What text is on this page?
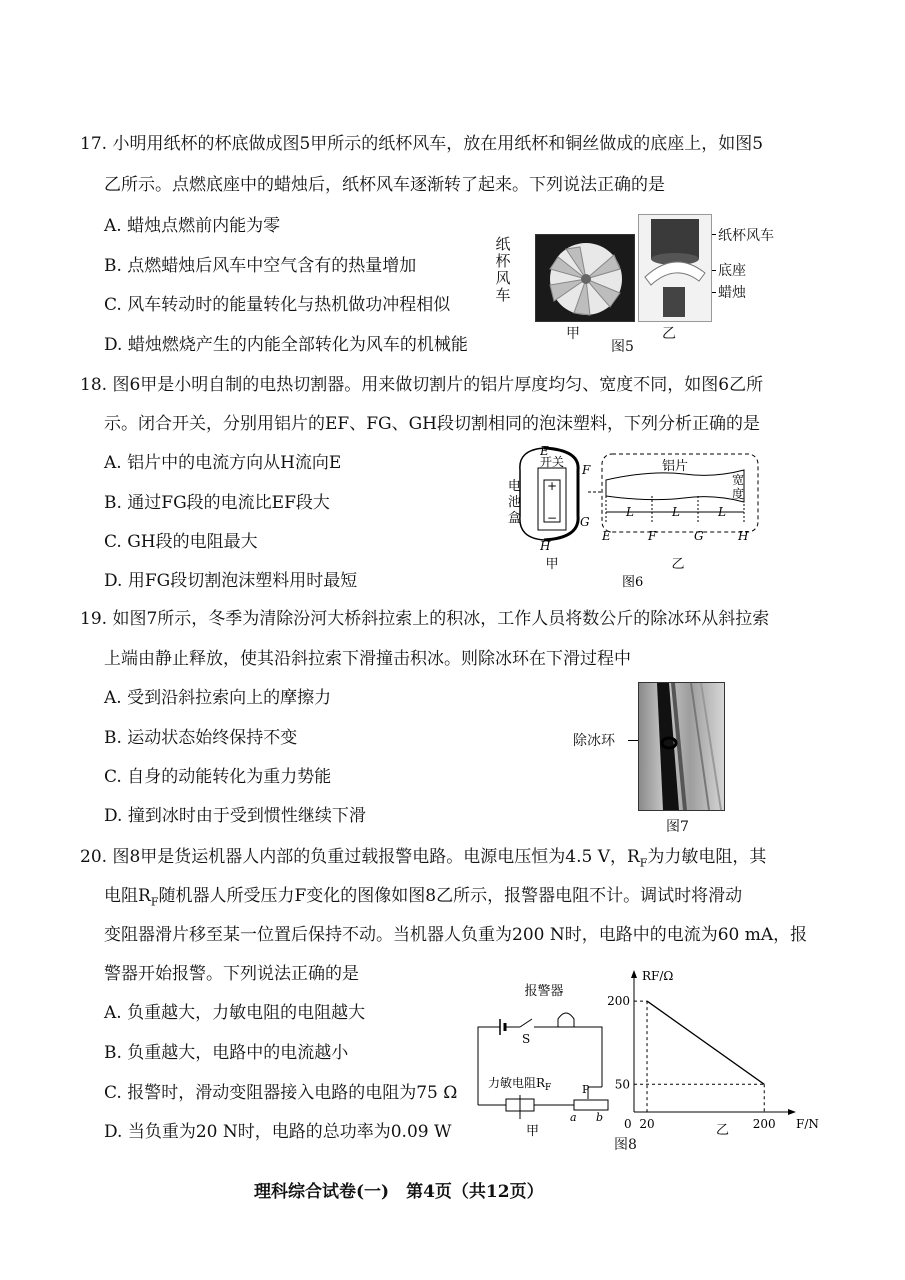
17. 小明用纸杯的杯底做成图5甲所示的纸杯风车，放在用纸杯和铜丝做成的底座上，如图5
乙所示。点燃底座中的蜡烛后，纸杯风车逐渐转了起来。下列说法正确的是
A. 蜡烛点燃前内能为零
B. 点燃蜡烛后风车中空气含有的热量增加
C. 风车转动时的能量转化与热机做功冲程相似
D. 蜡烛燃烧产生的内能全部转化为风车的机械能
纸
杯
风
车
纸杯风车
底座
蜡烛
甲	乙
图5
18. 图6甲是小明自制的电热切割器。用来做切割片的铝片厚度均匀、宽度不同，如图6乙所
示。闭合开关，分别用铝片的EF、FG、GH段切割相同的泡沫塑料，下列分析正确的是
A. 铝片中的电流方向从H流向E
B. 通过FG段的电流比EF段大
C. GH段的电阻最大
D. 用FG段切割泡沫塑料用时最短
+
−
开关
电
池
盒
E
F
G
H
铝片
宽
度
L	L	L
E	F	G	H
甲	乙
图6
19. 如图7所示，冬季为清除汾河大桥斜拉索上的积冰，工作人员将数公斤的除冰环从斜拉索
上端由静止释放，使其沿斜拉索下滑撞击积冰。则除冰环在下滑过程中
A. 受到沿斜拉索向上的摩擦力
B. 运动状态始终保持不变
C. 自身的动能转化为重力势能
D. 撞到冰时由于受到惯性继续下滑
除冰环
图7
20. 图8甲是货运机器人内部的负重过载报警电路。电源电压恒为4.5 V，$R_F$为力敏电阻，其
电阻$R_F$随机器人所受压力F变化的图像如图8乙所示，报警器电阻不计。调试时将滑动
变阻器滑片移至某一位置后保持不动。当机器人负重为200 N时，电路中的电流为60 mA，报
警器开始报警。下列说法正确的是
A. 负重越大，力敏电阻的电阻越大
B. 负重越大，电路中的电流越小
C. 报警时，滑动变阻器接入电路的电阻为75 Ω
D. 当负重为20 N时，电路的总功率为0.09 W
报警器
S
力敏电阻$R_F$	P
a b
甲
RF/Ω
F/N
0 20	200
200
50
乙
图8
理科综合试卷(一)　第4页（共12页）
